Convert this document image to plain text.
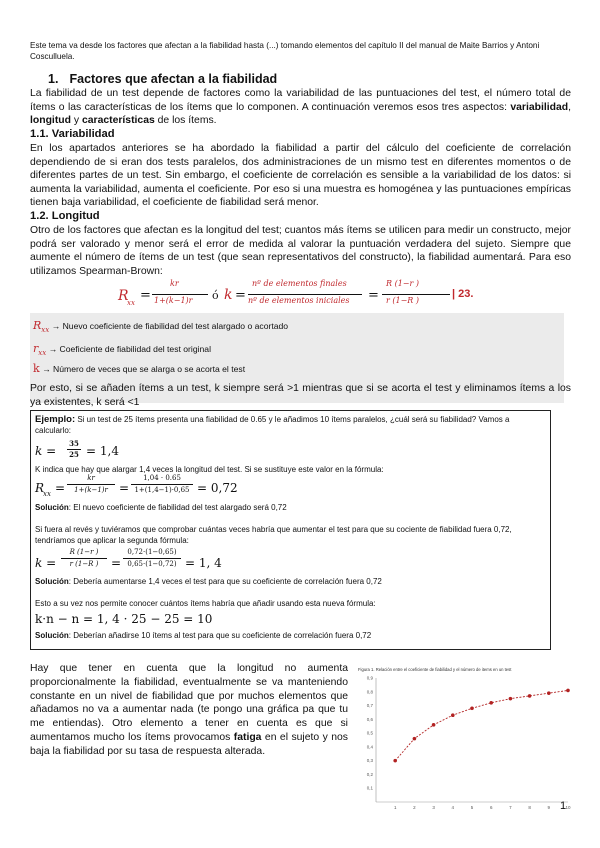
Este tema va desde los factores que afectan a la fiabilidad hasta (...) tomando elementos del capítulo II del manual de Maite Barrios y Antoni Cosculluela.
1. Factores que afectan a la fiabilidad
La fiabilidad de un test depende de factores como la variabilidad de las puntuaciones del test, el número total de ítems o las características de los ítems que lo componen. A continuación veremos esos tres aspectos: variabilidad, longitud y características de los ítems.
1.1. Variabilidad
En los apartados anteriores se ha abordado la fiabilidad a partir del cálculo del coeficiente de correlación dependiendo de si eran dos tests paralelos, dos administraciones de un mismo test en diferentes momentos o de diferentes partes de un test. Sin embargo, el coeficiente de correlación es sensible a la variabilidad de los datos: si aumenta la variabilidad, aumenta el coeficiente. Por eso si una muestra es homogénea y las puntuaciones empíricas tienen baja variabilidad, el coeficiente de fiabilidad será menor.
1.2. Longitud
Otro de los factores que afectan es la longitud del test; cuantos más ítems se utilicen para medir un constructo, mejor podrá ser valorado y menor será el error de medida al valorar la puntuación verdadera del sujeto. Siempre que aumente el número de ítems de un test (que sean representativos del constructo), la fiabilidad aumentará. Para eso utilizamos Spearman-Brown:
R
xx =
kr
1+(k−1)r ó k =
nº de elementos finales
nº de elementos iniciales =
R (1−r )
r (1−R )
| 23.
$R_{xx}$ → Nuevo coeficiente de fiabilidad del test alargado o acortado
$r_{xx}$ → Coeficiente de fiabilidad del test original
k → Número de veces que se alarga o se acorta el test
Por esto, si se añaden ítems a un test, k siempre será >1 mientras que si se acorta el test y eliminamos ítems a los ya existentes, k será <1
Ejemplo: Si un test de 25 ítems presenta una fiabilidad de 0.65 y le añadimos 10 ítems paralelos, ¿cuál será su fiabilidad? Vamos a calcularlo:
k =
35
25 = 1,4
K indica que hay que alargar 1,4 veces la longitud del test. Si se sustituye este valor en la fórmula:
R
xx =
kr
1+(k−1)r =
1,04 · 0.65
1+(1,4−1)·0,65 = 0,72
Solución: El nuevo coeficiente de fiabilidad del test alargado será 0,72
Si fuera al revés y tuviéramos que comprobar cuántas veces habría que aumentar el test para que su cociente de fiabilidad fuera 0,72, tendríamos que aplicar la segunda fórmula:
k =
R (1−r )
r (1−R )	=
0,72·(1−0,65)
0,65·(1−0,72) = 1, 4
Solución: Debería aumentarse 1,4 veces el test para que su coeficiente de correlación fuera 0,72
Esto a su vez nos permite conocer cuántos ítems habría que añadir usando esta nueva fórmula:
k·n − n = 1, 4 · 25 − 25 = 10
Solución: Deberían añadirse 10 ítems al test para que su coeficiente de correlación fuera 0,72
Hay que tener en cuenta que la longitud no aumenta proporcionalmente la fiabilidad, eventualmente se va manteniendo constante en un nivel de fiabilidad que por muchos elementos que añadamos no va a aumentar nada (te pongo una gráfica pa que tu me entiendas). Otro elemento a tener en cuenta es que si aumentamos mucho los ítems provocamos fatiga en el sujeto y nos baja la fiabilidad por su tasa de respuesta alterada.
Figura 1. Relación entre el coeficiente de fiabilidad y el número de items en un test
0,1
0,2
0,3
0,4
0,5
0,6
0,7
0,8
0,9
1	2	3	4	5	6	7	8	9	10
1
